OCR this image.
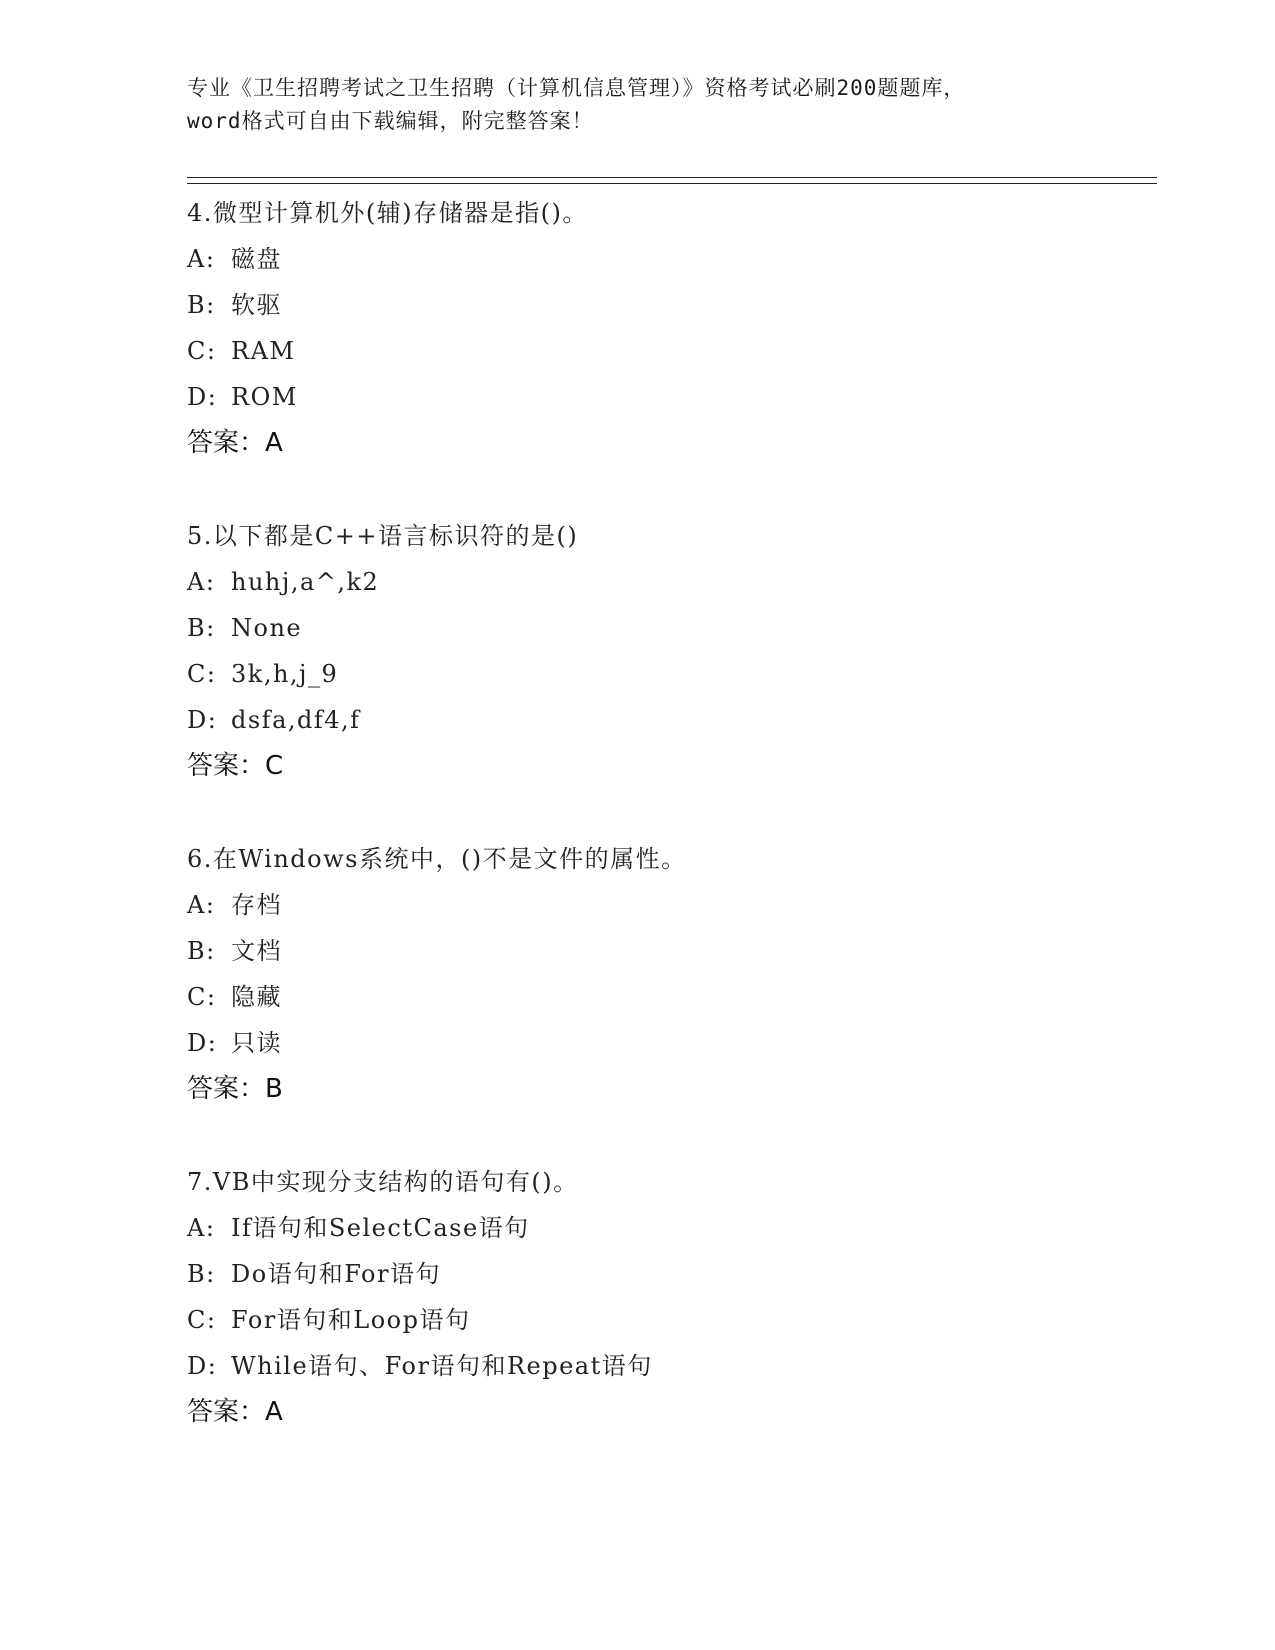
专业《卫生招聘考试之卫生招聘（计算机信息管理）》资格考试必刷200题题库，
word格式可自由下载编辑，附完整答案！
4.微型计算机外(辅)存储器是指()。
A: 磁盘
B: 软驱
C: RAM
D: ROM
答案：A
5.以下都是C++语言标识符的是()
A: huhj,a^,k2
B: None
C: 3k,h,j_9
D: dsfa,df4,f
答案：C
6.在Windows系统中，()不是文件的属性。
A: 存档
B: 文档
C: 隐藏
D: 只读
答案：B
7.VB中实现分支结构的语句有()。
A: If语句和SelectCase语句
B: Do语句和For语句
C: For语句和Loop语句
D: While语句、For语句和Repeat语句
答案：A
